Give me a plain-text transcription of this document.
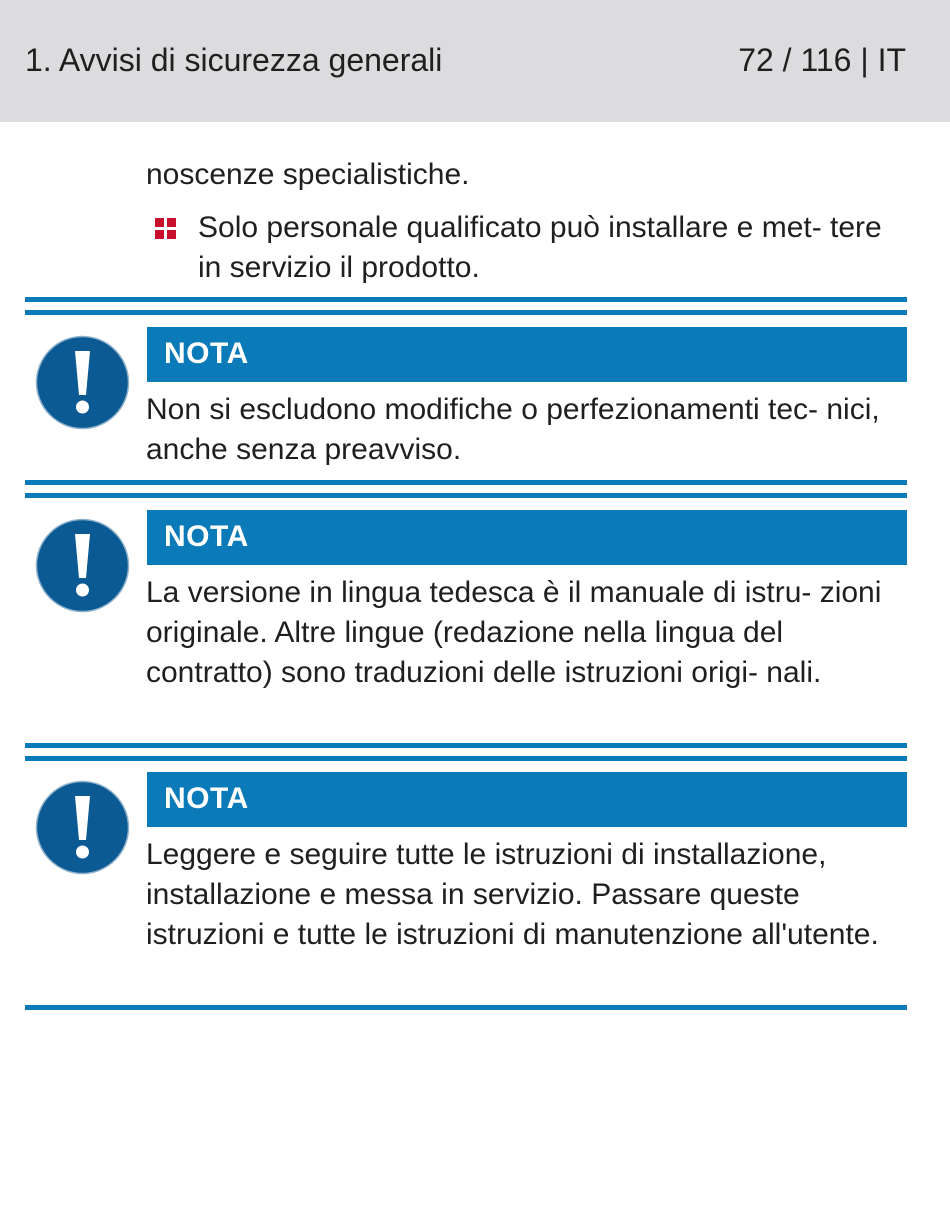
1. Avvisi di sicurezza generali	72 / 116 | IT
noscenze specialistiche.
Solo personale qualificato può installare e met- tere in servizio il prodotto.
NOTA
Non si escludono modifiche o perfezionamenti tec- nici, anche senza preavviso.
NOTA
La versione in lingua tedesca è il manuale di istru- zioni originale. Altre lingue (redazione nella lingua del contratto) sono traduzioni delle istruzioni origi- nali.
NOTA
Leggere e seguire tutte le istruzioni di installazione, installazione e messa in servizio. Passare queste istruzioni e tutte le istruzioni di manutenzione all'utente.
